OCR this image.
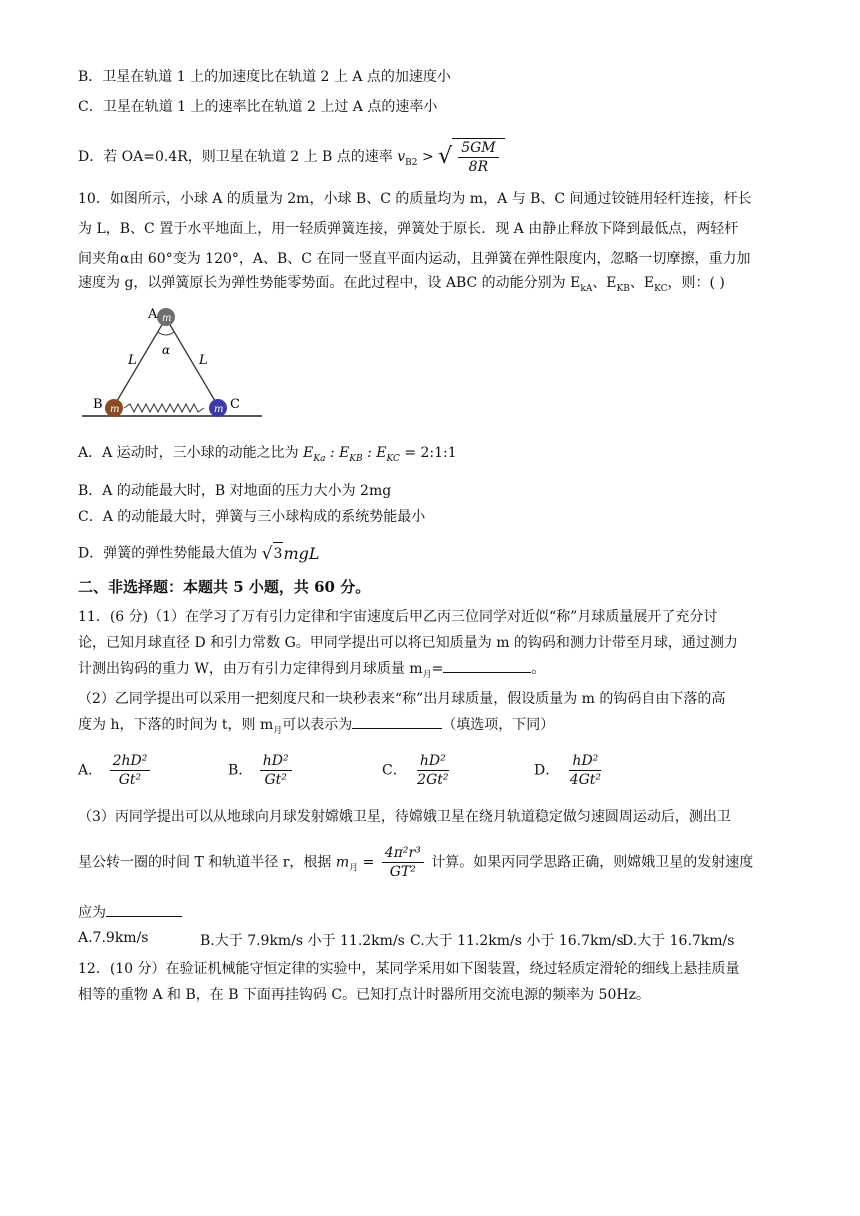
B．卫星在轨道 1 上的加速度比在轨道 2 上 A 点的加速度小
C．卫星在轨道 1 上的速率比在轨道 2 上过 A 点的速率小
D．若 OA=0.4R，则卫星在轨道 2 上 B 点的速率 $v_{B2}$ > √ $\frac{5GM}{8R}$
10．如图所示，小球 A 的质量为 2m，小球 B、C 的质量均为 m，A 与 B、C 间通过铰链用轻杆连接，杆长
为 L，B、C 置于水平地面上，用一轻质弹簧连接，弹簧处于原长．现 A 由静止释放下降到最低点，两轻杆
间夹角α由 60°变为 120°，A、B、C 在同一竖直平面内运动，且弹簧在弹性限度内，忽略一切摩擦，重力加
速度为 g，以弹簧原长为弹性势能零势面。在此过程中，设 ABC 的动能分别为 $E_{kA}$、$E_{KB}$、$E_{KC}$，则：( )
A m
B m	C
m
L	L
α
A．A 运动时，三小球的动能之比为 $E_{Ka}$ : $E_{KB}$ : $E_{KC}$ = 2:1:1
B．A 的动能最大时，B 对地面的压力大小为 2mg
C．A 的动能最大时，弹簧与三小球构成的系统势能最小
D．弹簧的弹性势能最大值为 √ 3 mgL
二、非选择题：本题共 5 小题，共 60 分。
11．(6 分)（1）在学习了万有引力定律和宇宙速度后甲乙丙三位同学对近似“称”月球质量展开了充分讨
论，已知月球直径 D 和引力常数 G。甲同学提出可以将已知质量为 m 的钩码和测力计带至月球，通过测力
计测出钩码的重力 W，由万有引力定律得到月球质量 $m_月=$	。
（2）乙同学提出可以采用一把刻度尺和一块秒表来“称”出月球质量，假设质量为 m 的钩码自由下落的高
度为 h，下落的时间为 t，则 $m_月$可以表示为	（填选项，下同）
A． $\frac{\text{2hD²}}{\text{Gt²}}$	B． $\frac{\text{hD²}}{\text{Gt²}}$	C． $\frac{\text{hD²}}{\text{2Gt²}}$	D． $\frac{\text{hD²}}{\text{4Gt²}}$
（3）丙同学提出可以从地球向月球发射嫦娥卫星，待嫦娥卫星在绕月轨道稳定做匀速圆周运动后，测出卫
星公转一圈的时间 T 和轨道半径 r，根据 $m_月 = \frac{\text{4π²r³}}{\text{GT²}}$ 计算。如果丙同学思路正确，则嫦娥卫星的发射速度
应为
A.7.9km/s	B.大于 7.9km/s 小于 11.2km/s C.大于 11.2km/s 小于 16.7km/s
D.大于 16.7km/s
12．(10 分）在验证机械能守恒定律的实验中，某同学采用如下图装置，绕过轻质定滑轮的细线上悬挂质量
相等的重物 A 和 B，在 B 下面再挂钩码 C。已知打点计时器所用交流电源的频率为 50Hz。
